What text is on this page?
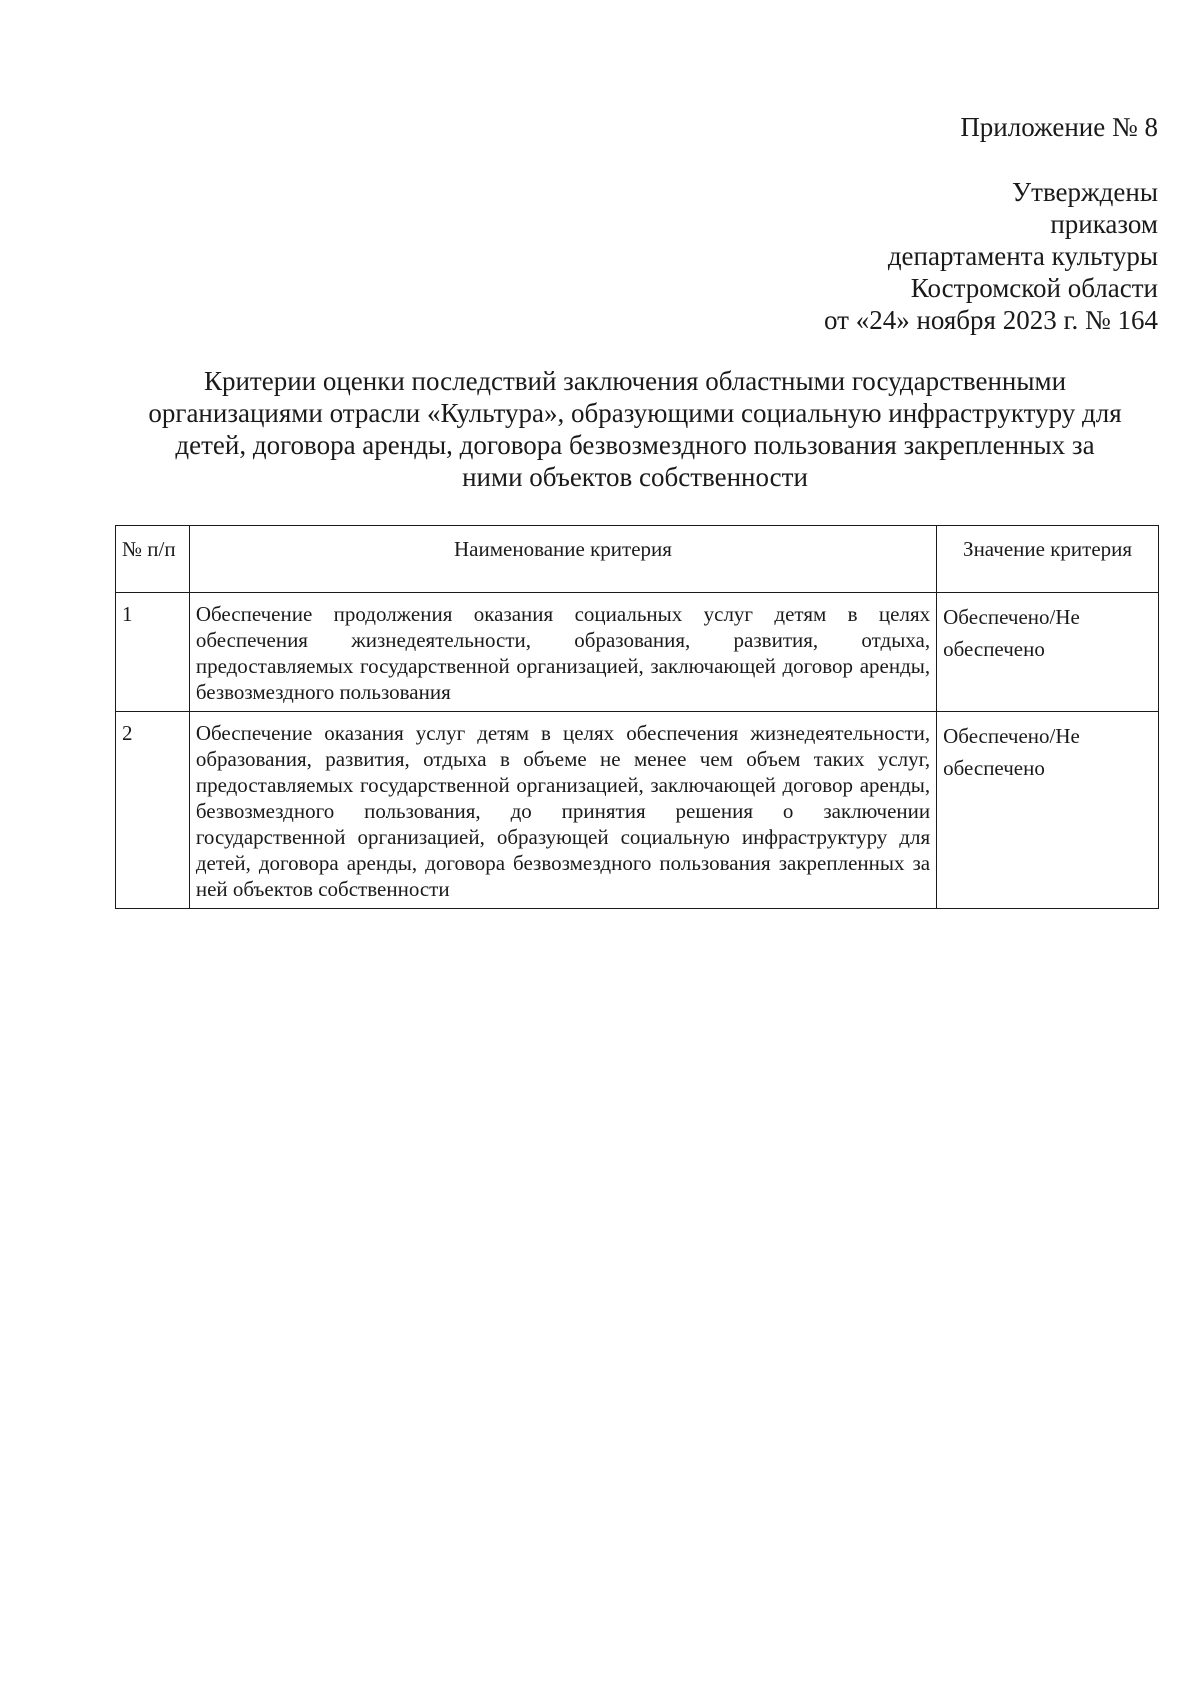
Приложение № 8
Утверждены
приказом
департамента культуры
Костромской области
от «24» ноября 2023 г. № 164
Критерии оценки последствий заключения областными государственными
организациями отрасли «Культура», образующими социальную инфраструктуру для
детей, договора аренды, договора безвозмездного пользования закрепленных за
ними объектов собственности
№ п/п	Наименование критерия	Значение критерия
1	Обеспечение продолжения оказания социальных услуг детям в целях обеспечения жизнедеятельности, образования, развития, отдыха, предоставляемых государственной организацией, заключающей договор аренды, безвозмездного пользования	Обеспечено/Не
обеспечено

2	Обеспечение оказания услуг детям в целях обеспечения жизнедеятельности, образования, развития, отдыха в объеме не менее чем объем таких услуг, предоставляемых государственной организацией, заключающей договор аренды, безвозмездного пользования, до принятия решения о заключении государственной организацией, образующей социальную инфраструктуру для детей, договора аренды, договора безвозмездного пользования закрепленных за ней объектов собственности	Обеспечено/Не
обеспечено
